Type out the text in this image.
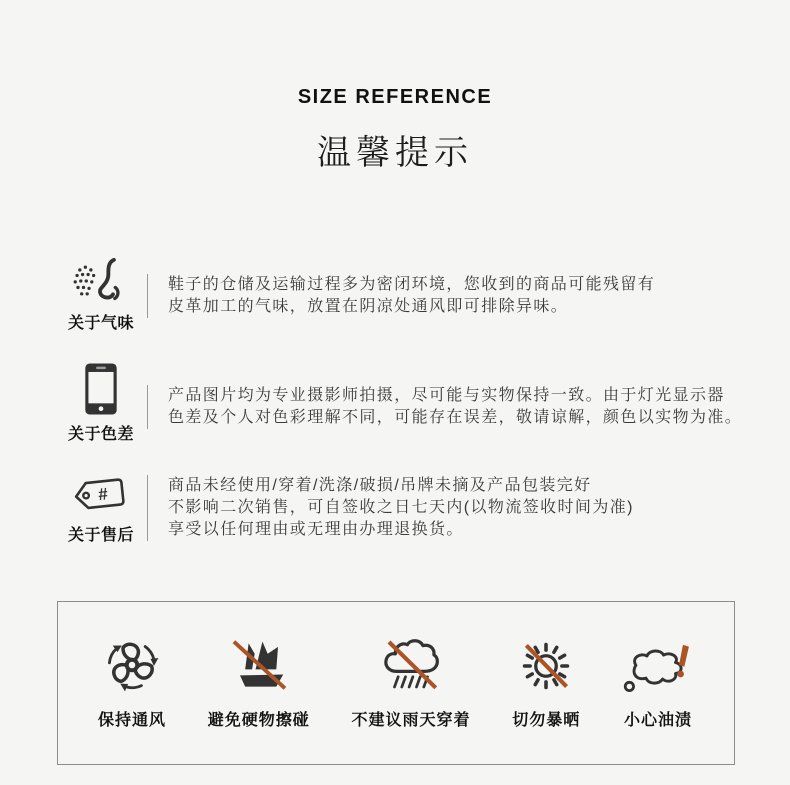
SIZE REFERENCE
温馨提示
关于气味

鞋子的仓储及运输过程多为密闭环境，您收到的商品可能残留有

皮革加工的气味，放置在阴凉处通风即可排除异味。

关于色差

产品图片均为专业摄影师拍摄，尽可能与实物保持一致。由于灯光显示器

色差及个人对色彩理解不同，可能存在误差，敬请谅解，颜色以实物为准。

#
关于售后

商品未经使用/穿着/洗涤/破损/吊牌未摘及产品包装完好

不影响二次销售，可自签收之日七天内(以物流签收时间为准)

享受以任何理由或无理由办理退换货。

保持通风	避免硬物擦碰	不建议雨天穿着	切勿暴晒	小心油渍
